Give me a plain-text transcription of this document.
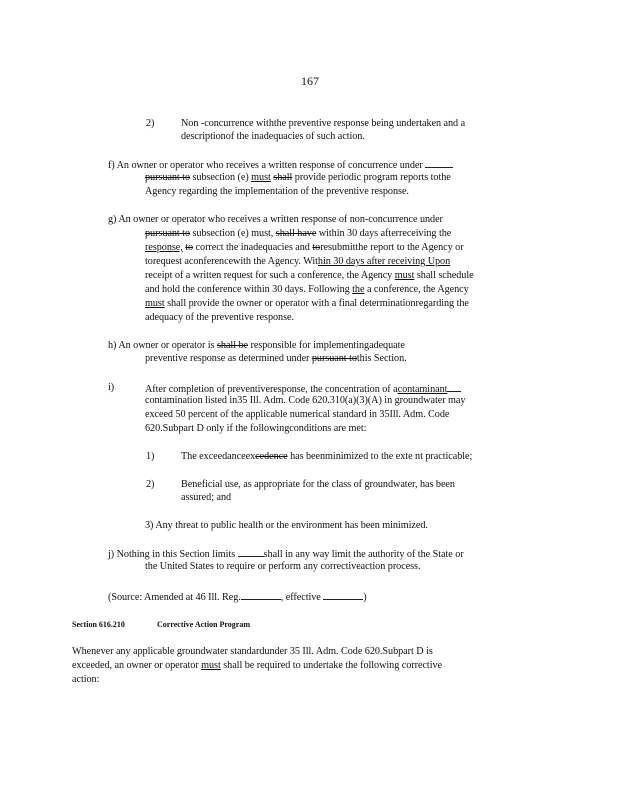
167
2)	Non -concurrence withthe preventive response being undertaken and a
descriptionof the inadequacies of such action.
f) An owner or operator who receives a written response of concurrence under
pursuant to subsection (e) must shall provide periodic program reports tothe
Agency regarding the implementation of the preventive response.
g) An owner or operator who receives a written response of non-concurrence under
pursuant to subsection (e) must, shall have within 30 days afterreceiving the
response, to correct the inadequacies and toresubmitthe report to the Agency or
torequest aconferencewith the Agency. Within 30 days after receiving Upon
receipt of a written request for such a conference, the Agency must shall schedule
and hold the conference within 30 days. Following the a conference, the Agency
must shall provide the owner or operator with a final determinationregarding the
adequacy of the preventive response.
h) An owner or operator is shall be responsible for implementingadequate
preventive response as determined under pursuant tothis Section.
i)	After completion of preventiveresponse, the concentration of acontaminant
contamination listed in35 Ill. Adm. Code 620.310(a)(3)(A) in groundwater may
exceed 50 percent of the applicable numerical standard in 35Ill. Adm. Code
620.Subpart D only if the followingconditions are met:
1)	The exceedanceexcedence has beenminimized to the exte nt practicable;
2)	Beneficial use, as appropriate for the class of groundwater, has been
assured; and
3) Any threat to public health or the environment has been minimized.
j) Nothing in this Section limits	shall in any way limit the authority of the State or
the United States to require or perform any correctiveaction process.
(Source: Amended at 46 Ill. Reg.	, effective	)
Section 616.210	Corrective Action Program
Whenever any applicable groundwater standardunder 35 Ill. Adm. Code 620.Subpart D is
exceeded, an owner or operator must shall be required to undertake the following corrective
action:
